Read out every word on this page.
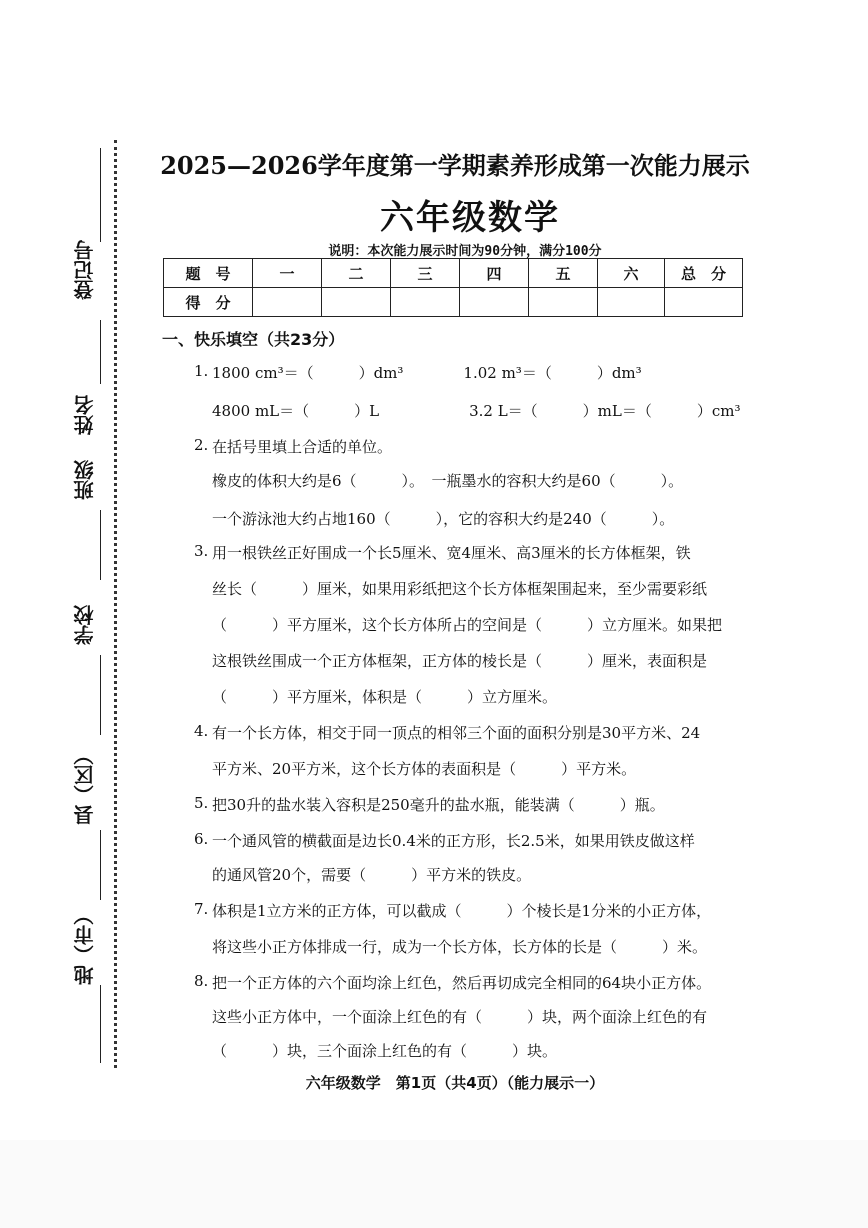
登记号
姓名
班级
学校
县（区）
地（市）
2025—2026学年度第一学期素养形成第一次能力展示
六年级数学
说明：本次能力展示时间为90分钟，满分100分
题　号	一	二	三	四	五	六	总　分
得　分							
一、快乐填空（共23分）
1. 1800 cm³＝（　　　）dm³　　　　1.02 m³＝（　　　）dm³
4800 mL＝（　　　）L　　　　　　3.2 L＝（　　　）mL＝（　　　）cm³
2. 在括号里填上合适的单位。
橡皮的体积大约是6（　　　）。　一瓶墨水的容积大约是60（　　　）。
一个游泳池大约占地160（　　　），它的容积大约是240（　　　）。
3. 用一根铁丝正好围成一个长5厘米、宽4厘米、高3厘米的长方体框架，铁
丝长（　　　）厘米，如果用彩纸把这个长方体框架围起来，至少需要彩纸
（　　　）平方厘米，这个长方体所占的空间是（　　　）立方厘米。如果把
这根铁丝围成一个正方体框架，正方体的棱长是（　　　）厘米，表面积是
（　　　）平方厘米，体积是（　　　）立方厘米。
4. 有一个长方体，相交于同一顶点的相邻三个面的面积分别是30平方米、24
平方米、20平方米，这个长方体的表面积是（　　　）平方米。
5. 把30升的盐水装入容积是250毫升的盐水瓶，能装满（　　　）瓶。
6. 一个通风管的横截面是边长0.4米的正方形，长2.5米，如果用铁皮做这样
的通风管20个，需要（　　　）平方米的铁皮。
7. 体积是1立方米的正方体，可以截成（　　　）个棱长是1分米的小正方体，
将这些小正方体排成一行，成为一个长方体，长方体的长是（　　　）米。
8. 把一个正方体的六个面均涂上红色，然后再切成完全相同的64块小正方体。
这些小正方体中，一个面涂上红色的有（　　　）块，两个面涂上红色的有
（　　　）块，三个面涂上红色的有（　　　）块。
六年级数学　第1页（共4页）（能力展示一）
